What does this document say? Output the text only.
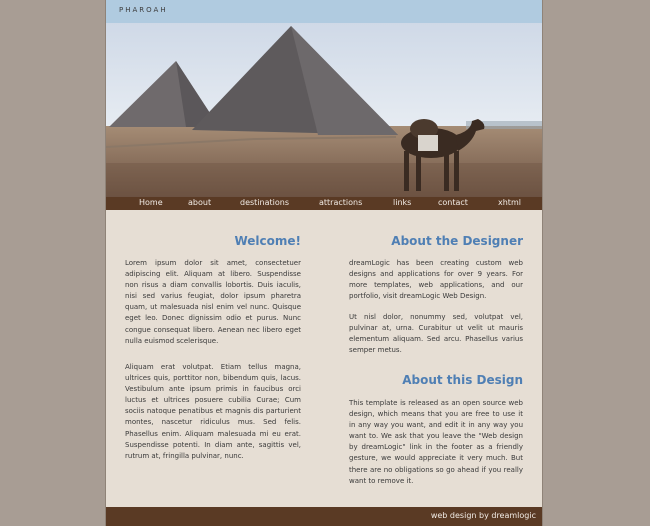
PHAROAH
Home	about	destinations	attractions	links	contact	xhtml
Welcome!

Lorem ipsum dolor sit amet, consectetuer adipiscing elit. Aliquam at libero. Suspendisse non risus a diam convallis lobortis. Duis iaculis, nisi sed varius feugiat, dolor ipsum pharetra quam, ut malesuada nisl enim vel nunc. Quisque eget leo. Donec dignissim odio et purus. Nunc congue consequat libero. Aenean nec libero eget nulla euismod scelerisque.

Aliquam erat volutpat. Etiam tellus magna, ultrices quis, porttitor non, bibendum quis, lacus. Vestibulum ante ipsum primis in faucibus orci luctus et ultrices posuere cubilia Curae; Cum sociis natoque penatibus et magnis dis parturient montes, nascetur ridiculus mus. Sed felis. Phasellus enim. Aliquam malesuada mi eu erat. Suspendisse potenti. In diam ante, sagittis vel, rutrum at, fringilla pulvinar, nunc.

About the Designer

dreamLogic has been creating custom web designs and applications for over 9 years. For more templates, web applications, and our portfolio, visit dreamLogic Web Design.

Ut nisl dolor, nonummy sed, volutpat vel, pulvinar at, urna. Curabitur ut velit ut mauris elementum aliquam. Sed arcu. Phasellus varius semper metus.

About this Design

This template is released as an open source web design, which means that you are free to use it in any way you want, and edit it in any way you want to. We ask that you leave the "Web design by dreamLogic" link in the footer as a friendly gesture, we would appreciate it very much. But there are no obligations so go ahead if you really want to remove it.

web design by dreamlogic
